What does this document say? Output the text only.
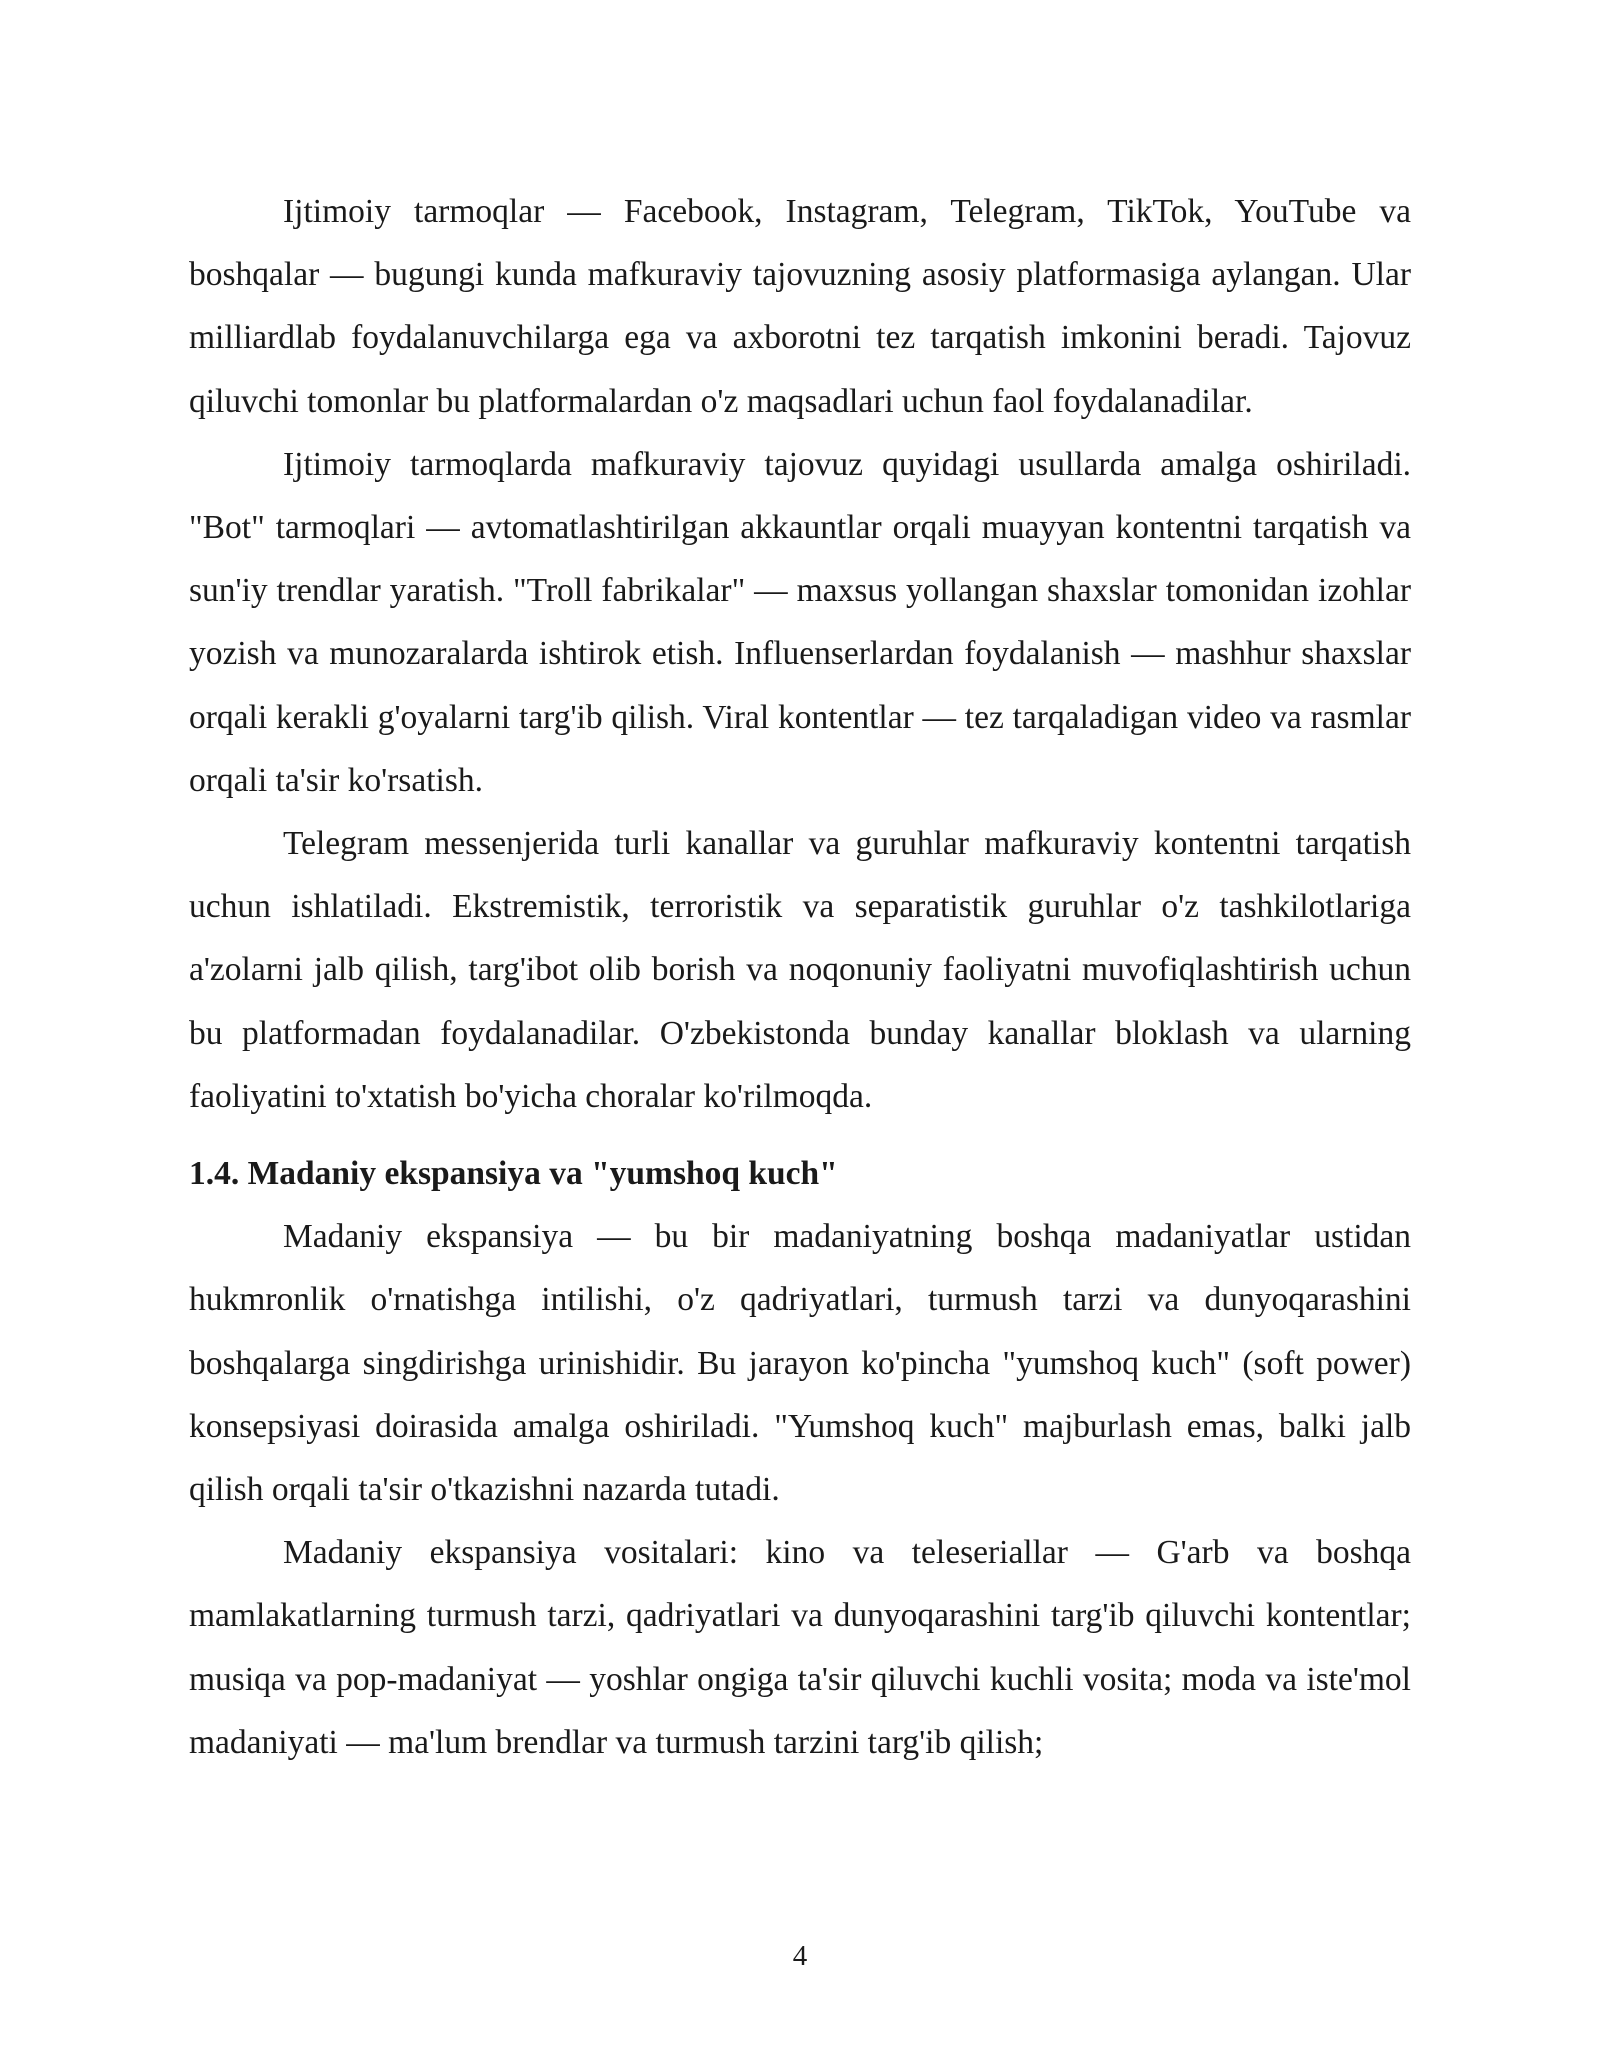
Ijtimoiy tarmoqlar — Facebook, Instagram, Telegram, TikTok, YouTube va boshqalar — bugungi kunda mafkuraviy tajovuzning asosiy platformasiga aylangan. Ular milliardlab foydalanuvchilarga ega va axborotni tez tarqatish imkonini beradi. Tajovuz qiluvchi tomonlar bu platformalardan o'z maqsadlari uchun faol foydalanadilar.

Ijtimoiy tarmoqlarda mafkuraviy tajovuz quyidagi usullarda amalga oshiriladi. "Bot" tarmoqlari — avtomatlashtirilgan akkauntlar orqali muayyan kontentni tarqatish va sun'iy trendlar yaratish. "Troll fabrikalar" — maxsus yollangan shaxslar tomonidan izohlar yozish va munozaralarda ishtirok etish. Influenserlardan foydalanish — mashhur shaxslar orqali kerakli g'oyalarni targ'ib qilish. Viral kontentlar — tez tarqaladigan video va rasmlar orqali ta'sir ko'rsatish.

Telegram messenjerida turli kanallar va guruhlar mafkuraviy kontentni tarqatish uchun ishlatiladi. Ekstremistik, terroristik va separatistik guruhlar o'z tashkilotlariga a'zolarni jalb qilish, targ'ibot olib borish va noqonuniy faoliyatni muvofiqlashtirish uchun bu platformadan foydalanadilar. O'zbekistonda bunday kanallar bloklash va ularning faoliyatini to'xtatish bo'yicha choralar ko'rilmoqda.

1.4. Madaniy ekspansiya va "yumshoq kuch"

Madaniy ekspansiya — bu bir madaniyatning boshqa madaniyatlar ustidan hukmronlik o'rnatishga intilishi, o'z qadriyatlari, turmush tarzi va dunyoqarashini boshqalarga singdirishga urinishidir. Bu jarayon ko'pincha "yumshoq kuch" (soft power) konsepsiyasi doirasida amalga oshiriladi. "Yumshoq kuch" majburlash emas, balki jalb qilish orqali ta'sir o'tkazishni nazarda tutadi.

Madaniy ekspansiya vositalari: kino va teleseriallar — G'arb va boshqa mamlakatlarning turmush tarzi, qadriyatlari va dunyoqarashini targ'ib qiluvchi kontentlar; musiqa va pop-madaniyat — yoshlar ongiga ta'sir qiluvchi kuchli vosita; moda va iste'mol madaniyati — ma'lum brendlar va turmush tarzini targ'ib qilish;

4
